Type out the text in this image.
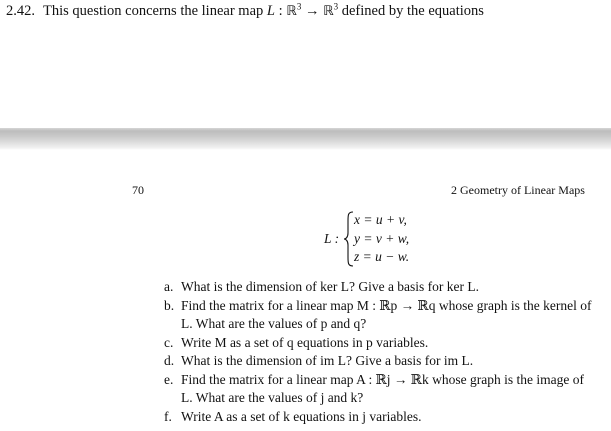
2.42. This question concerns the linear map L : ℝ$^3$ → ℝ$^3$ defined by the equations
70	2 Geometry of Linear Maps
L :
x = u + v,
y = v + w,
z = u − w.
a. What is the dimension of ker L? Give a basis for ker L.
b. Find the matrix for a linear map M : ℝp → ℝq whose graph is the kernel of L. What are the values of p and q?
c. Write M as a set of q equations in p variables.
d. What is the dimension of im L? Give a basis for im L.
e. Find the matrix for a linear map A : ℝj → ℝk whose graph is the image of L. What are the values of j and k?
f. Write A as a set of k equations in j variables.
